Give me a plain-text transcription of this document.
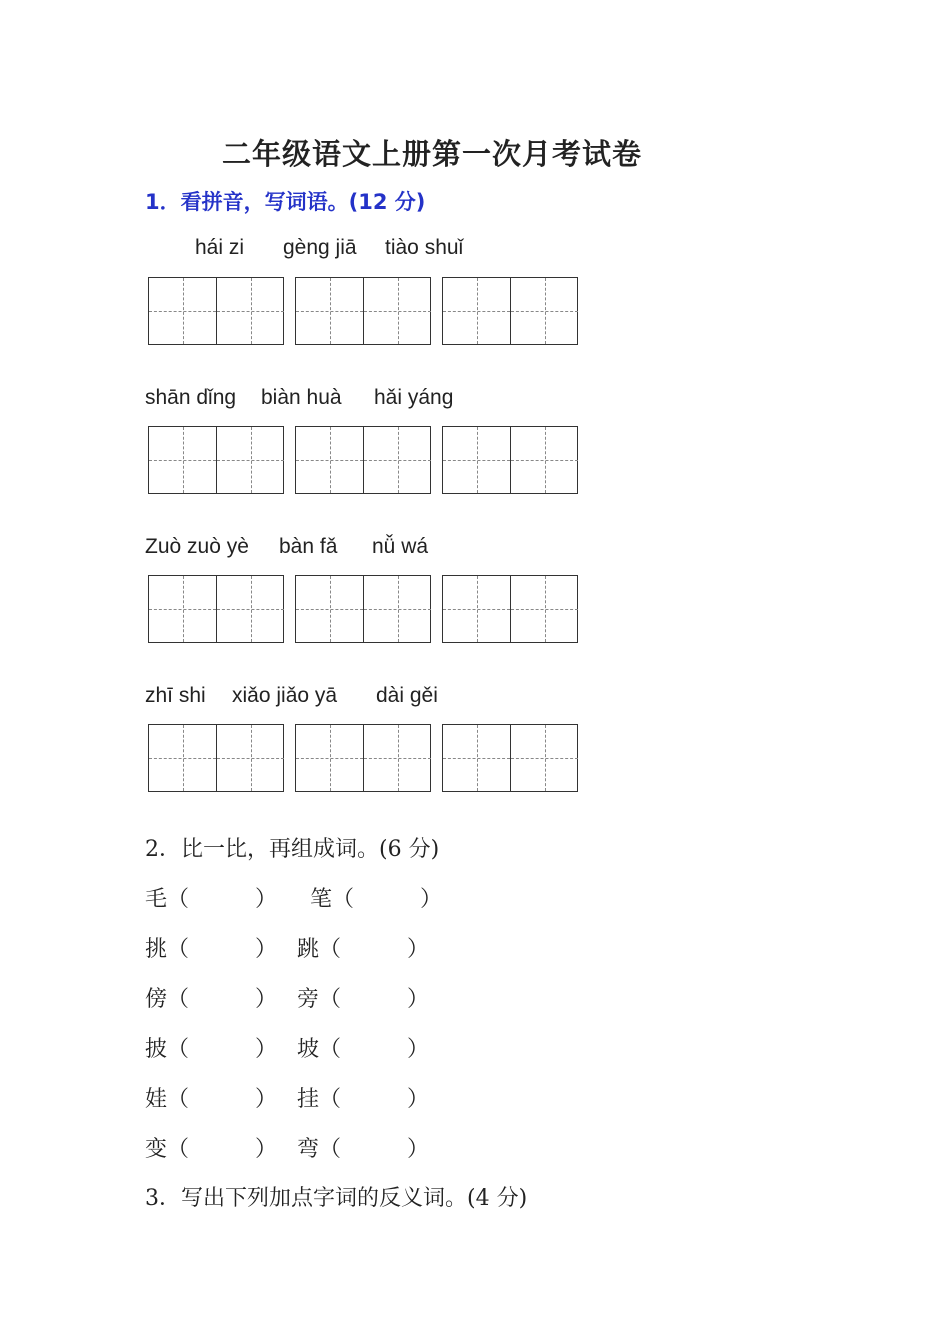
二年级语文上册第一次月考试卷
1．看拼音，写词语。(12 分)
hái zi gèng jiā tiào shuǐ
shān dǐng biàn huà hǎi yáng
Zuò zuò yè bàn fǎ nǚ wá
zhī shi xiǎo jiǎo yā dài gěi
2．比一比，再组成词。(6 分)
毛（　　　） 笔（　　　）
挑（　　　） 跳（　　　）
傍（　　　） 旁（　　　）
披（　　　） 坡（　　　）
娃（　　　） 挂（　　　）
变（　　　） 弯（　　　）
3．写出下列加点字词的反义词。(4 分)
